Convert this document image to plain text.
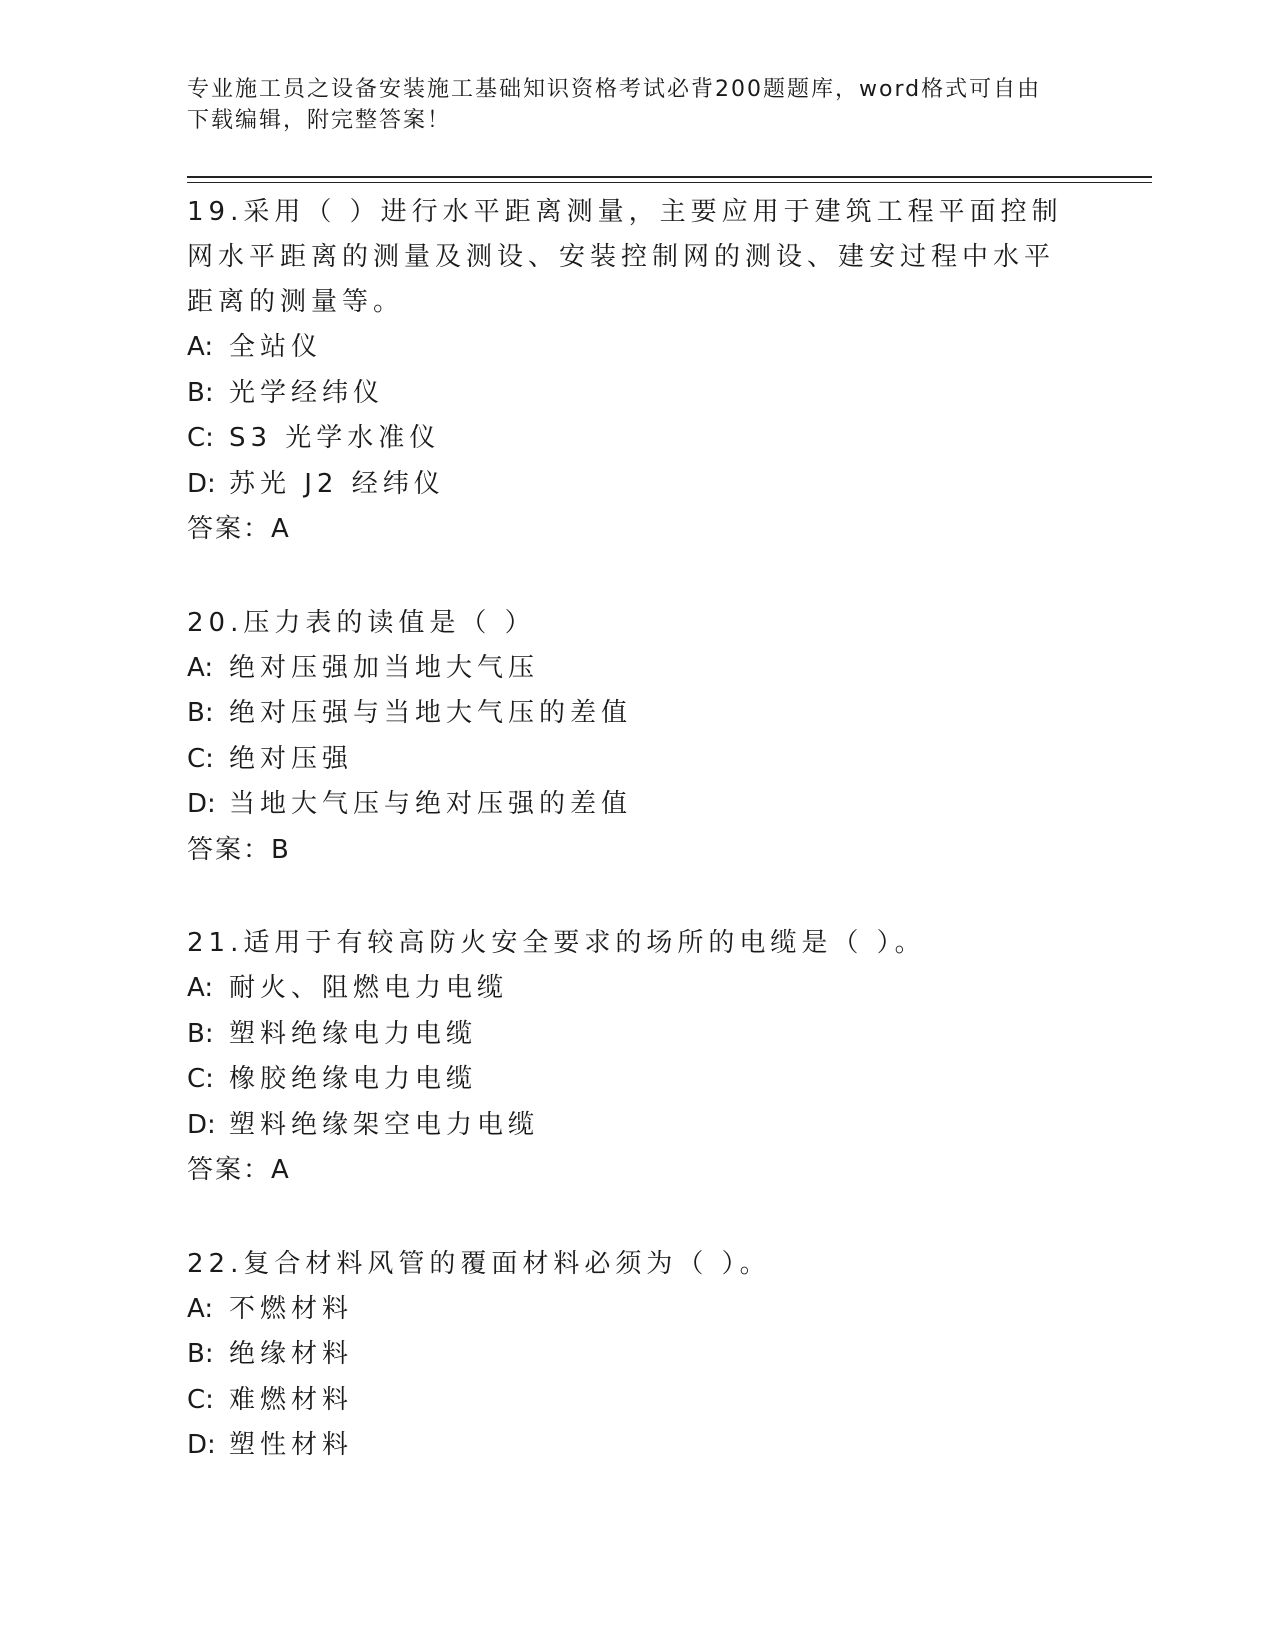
专业施工员之设备安装施工基础知识资格考试必背200题题库，word格式可自由
下载编辑，附完整答案！

19.采用（ ）进行水平距离测量，主要应用于建筑工程平面控制网水平距离的测量及测设、安装控制网的测设、建安过程中水平距离的测量等。

A: 全站仪

B: 光学经纬仪

C: S3 光学水准仪

D: 苏光 J2 经纬仪

答案：A

20.压力表的读值是（ ）

A: 绝对压强加当地大气压

B: 绝对压强与当地大气压的差值

C: 绝对压强

D: 当地大气压与绝对压强的差值

答案：B

21.适用于有较高防火安全要求的场所的电缆是（ ）。

A: 耐火、阻燃电力电缆

B: 塑料绝缘电力电缆

C: 橡胶绝缘电力电缆

D: 塑料绝缘架空电力电缆

答案：A

22.复合材料风管的覆面材料必须为（ ）。

A: 不燃材料

B: 绝缘材料

C: 难燃材料

D: 塑性材料
